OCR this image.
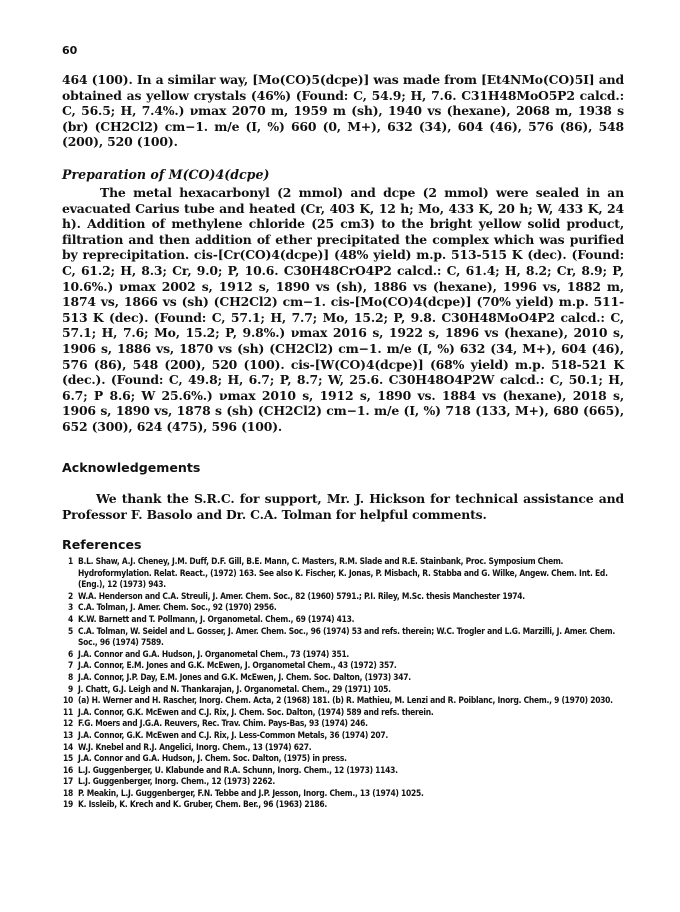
60
464 (100). In a similar way, [Mo(CO)5(dcpe)] was made from [Et4NMo(CO)5I] and obtained as yellow crystals (46%) (Found: C, 54.9; H, 7.6. C31H48MoO5P2 calcd.: C, 56.5; H, 7.4%.) νmax 2070 m, 1959 m (sh), 1940 vs (hexane), 2068 m, 1938 s (br) (CH2Cl2) cm−1. m/e (I, %) 660 (0, M+), 632 (34), 604 (46), 576 (86), 548 (200), 520 (100).
Preparation of M(CO)4(dcpe)
The metal hexacarbonyl (2 mmol) and dcpe (2 mmol) were sealed in an evacuated Carius tube and heated (Cr, 403 K, 12 h; Mo, 433 K, 20 h; W, 433 K, 24 h). Addition of methylene chloride (25 cm3) to the bright yellow solid product, filtration and then addition of ether precipitated the complex which was purified by reprecipitation. cis-[Cr(CO)4(dcpe)] (48% yield) m.p. 513-515 K (dec). (Found: C, 61.2; H, 8.3; Cr, 9.0; P, 10.6. C30H48CrO4P2 calcd.: C, 61.4; H, 8.2; Cr, 8.9; P, 10.6%.) νmax 2002 s, 1912 s, 1890 vs (sh), 1886 vs (hexane), 1996 vs, 1882 m, 1874 vs, 1866 vs (sh) (CH2Cl2) cm−1. cis-[Mo(CO)4(dcpe)] (70% yield) m.p. 511-513 K (dec). (Found: C, 57.1; H, 7.7; Mo, 15.2; P, 9.8. C30H48MoO4P2 calcd.: C, 57.1; H, 7.6; Mo, 15.2; P, 9.8%.) νmax 2016 s, 1922 s, 1896 vs (hexane), 2010 s, 1906 s, 1886 vs, 1870 vs (sh) (CH2Cl2) cm−1. m/e (I, %) 632 (34, M+), 604 (46), 576 (86), 548 (200), 520 (100). cis-[W(CO)4(dcpe)] (68% yield) m.p. 518-521 K (dec.). (Found: C, 49.8; H, 6.7; P, 8.7; W, 25.6. C30H48O4P2W calcd.: C, 50.1; H, 6.7; P 8.6; W 25.6%.) νmax 2010 s, 1912 s, 1890 vs. 1884 vs (hexane), 2018 s, 1906 s, 1890 vs, 1878 s (sh) (CH2Cl2) cm−1. m/e (I, %) 718 (133, M+), 680 (665), 652 (300), 624 (475), 596 (100).
Acknowledgements
We thank the S.R.C. for support, Mr. J. Hickson for technical assistance and Professor F. Basolo and Dr. C.A. Tolman for helpful comments.
References
1 B.L. Shaw, A.J. Cheney, J.M. Duff, D.F. Gill, B.E. Mann, C. Masters, R.M. Slade and R.E. Stainbank, Proc. Symposium Chem. Hydroformylation. Relat. React., (1972) 163. See also K. Fischer, K. Jonas, P. Misbach, R. Stabba and G. Wilke, Angew. Chem. Int. Ed. (Eng.), 12 (1973) 943.
2 W.A. Henderson and C.A. Streuli, J. Amer. Chem. Soc., 82 (1960) 5791.; P.I. Riley, M.Sc. thesis Manchester 1974.
3 C.A. Tolman, J. Amer. Chem. Soc., 92 (1970) 2956.
4 K.W. Barnett and T. Pollmann, J. Organometal. Chem., 69 (1974) 413.
5 C.A. Tolman, W. Seidel and L. Gosser, J. Amer. Chem. Soc., 96 (1974) 53 and refs. therein; W.C. Trogler and L.G. Marzilli, J. Amer. Chem. Soc., 96 (1974) 7589.
6 J.A. Connor and G.A. Hudson, J. Organometal Chem., 73 (1974) 351.
7 J.A. Connor, E.M. Jones and G.K. McEwen, J. Organometal Chem., 43 (1972) 357.
8 J.A. Connor, J.P. Day, E.M. Jones and G.K. McEwen, J. Chem. Soc. Dalton, (1973) 347.
9 J. Chatt, G.J. Leigh and N. Thankarajan, J. Organometal. Chem., 29 (1971) 105.
10 (a) H. Werner and H. Rascher, Inorg. Chem. Acta, 2 (1968) 181. (b) R. Mathieu, M. Lenzi and R. Poiblanc, Inorg. Chem., 9 (1970) 2030.
11 J.A. Connor, G.K. McEwen and C.J. Rix, J. Chem. Soc. Dalton, (1974) 589 and refs. therein.
12 F.G. Moers and J.G.A. Reuvers, Rec. Trav. Chim. Pays-Bas, 93 (1974) 246.
13 J.A. Connor, G.K. McEwen and C.J. Rix, J. Less-Common Metals, 36 (1974) 207.
14 W.J. Knebel and R.J. Angelici, Inorg. Chem., 13 (1974) 627.
15 J.A. Connor and G.A. Hudson, J. Chem. Soc. Dalton, (1975) in press.
16 L.J. Guggenberger, U. Klabunde and R.A. Schunn, Inorg. Chem., 12 (1973) 1143.
17 L.J. Guggenberger, Inorg. Chem., 12 (1973) 2262.
18 P. Meakin, L.J. Guggenberger, F.N. Tebbe and J.P. Jesson, Inorg. Chem., 13 (1974) 1025.
19 K. Issleib, K. Krech and K. Gruber, Chem. Ber., 96 (1963) 2186.
